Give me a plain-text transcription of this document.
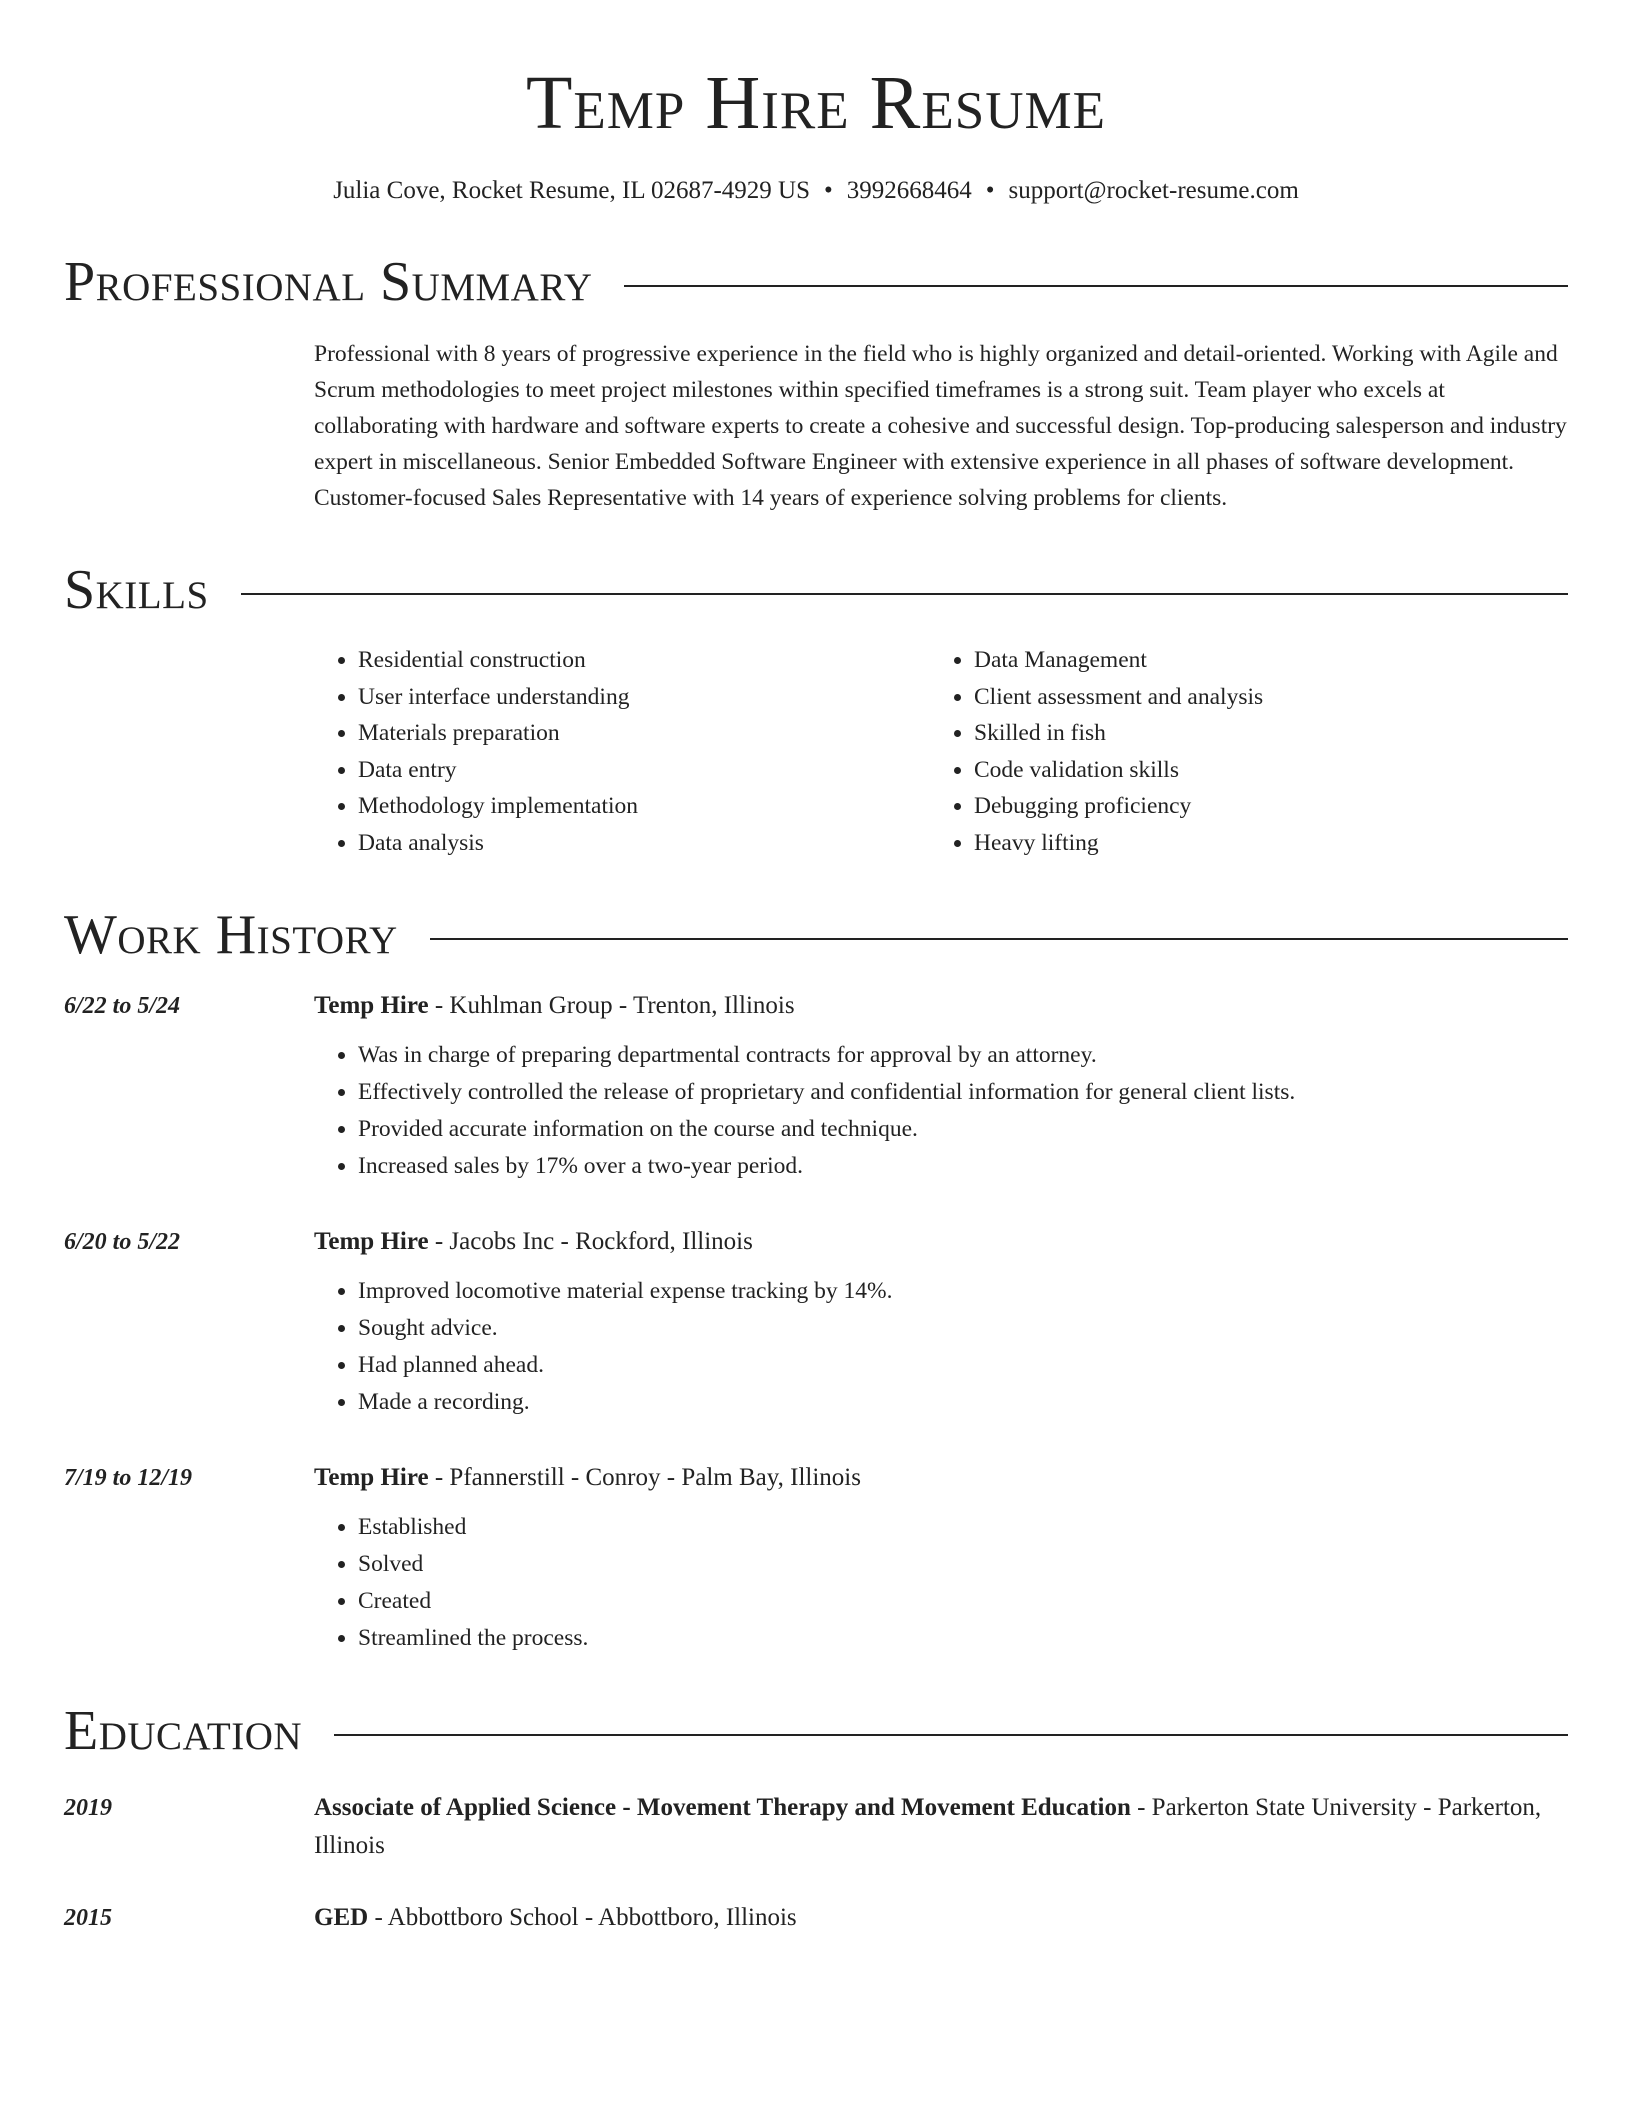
Temp Hire Resume
Julia Cove, Rocket Resume, IL 02687-4929 US • 3992668464 • support@rocket-resume.com
Professional Summary
Professional with 8 years of progressive experience in the field who is highly organized and detail-oriented. Working with Agile and Scrum methodologies to meet project milestones within specified timeframes is a strong suit. Team player who excels at collaborating with hardware and software experts to create a cohesive and successful design. Top-producing salesperson and industry expert in miscellaneous. Senior Embedded Software Engineer with extensive experience in all phases of software development. Customer-focused Sales Representative with 14 years of experience solving problems for clients.
Skills
• Residential construction
• User interface understanding
• Materials preparation
• Data entry
• Methodology implementation
• Data analysis
• Data Management
• Client assessment and analysis
• Skilled in fish
• Code validation skills
• Debugging proficiency
• Heavy lifting
Work History
6/22 to 5/24	Temp Hire - Kuhlman Group - Trenton, Illinois
• Was in charge of preparing departmental contracts for approval by an attorney.
• Effectively controlled the release of proprietary and confidential information for general client lists.
• Provided accurate information on the course and technique.
• Increased sales by 17% over a two-year period.
6/20 to 5/22	Temp Hire - Jacobs Inc - Rockford, Illinois
• Improved locomotive material expense tracking by 14%.
• Sought advice.
• Had planned ahead.
• Made a recording.
7/19 to 12/19	Temp Hire - Pfannerstill - Conroy - Palm Bay, Illinois
• Established
• Solved
• Created
• Streamlined the process.
Education
2019	Associate of Applied Science - Movement Therapy and Movement Education - Parkerton State University - Parkerton, Illinois
2015	GED - Abbottboro School - Abbottboro, Illinois
